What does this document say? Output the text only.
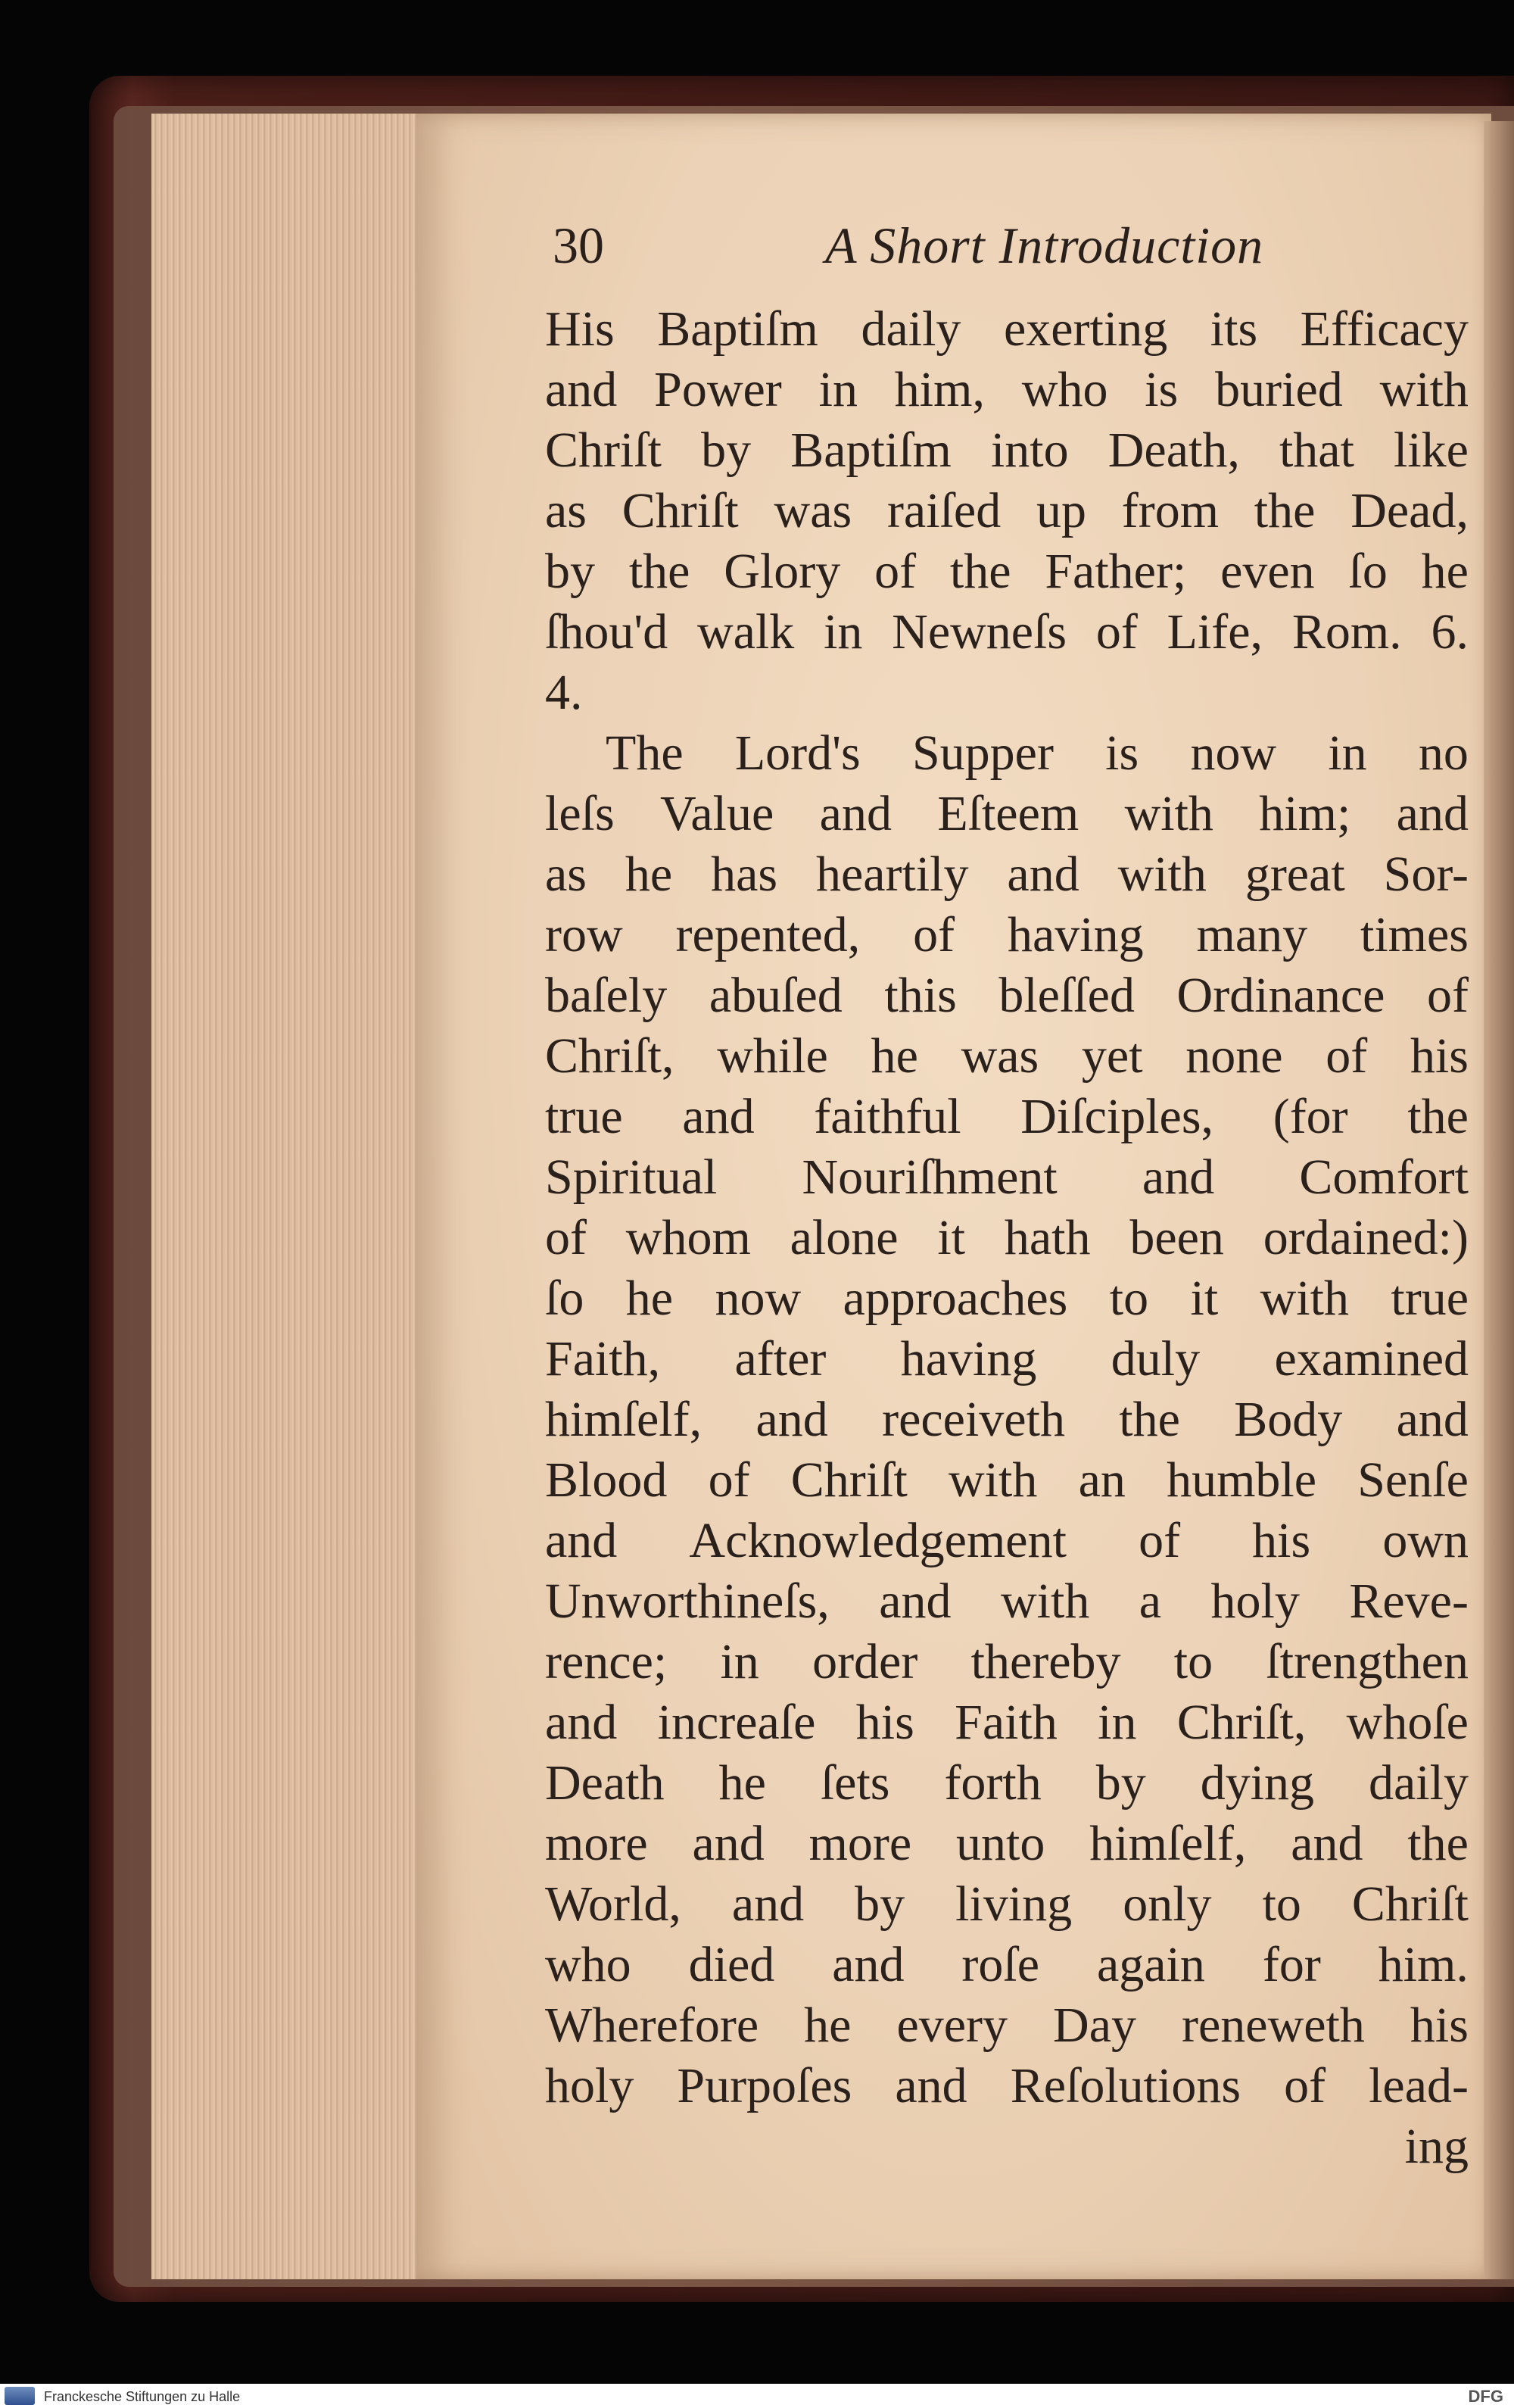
30	A Short Introduction
His Baptiſm daily exerting its Efficacy
and Power in him, who is buried with
Chriſt by Baptiſm into Death, that like
as Chriſt was raiſed up from the Dead,
by the Glory of the Father; even ſo he
ſhou'd walk in Newneſs of Life, Rom. 6.
4.
The Lord's Supper is now in no
leſs Value and Eſteem with him; and
as he has heartily and with great Sor-
row repented, of having many times
baſely abuſed this bleſſed Ordinance of
Chriſt, while he was yet none of his
true and faithful Diſciples, (for the
Spiritual Nouriſhment and Comfort
of whom alone it hath been ordained:)
ſo he now approaches to it with true
Faith, after having duly examined
himſelf, and receiveth the Body and
Blood of Chriſt with an humble Senſe
and Acknowledgement of his own
Unworthineſs, and with a holy Reve-
rence; in order thereby to ſtrengthen
and increaſe his Faith in Chriſt, whoſe
Death he ſets forth by dying daily
more and more unto himſelf, and the
World, and by living only to Chriſt
who died and roſe again for him.
Wherefore he every Day reneweth his
holy Purpoſes and Reſolutions of lead-
ing
Franckesche Stiftungen zu Halle	DFG
